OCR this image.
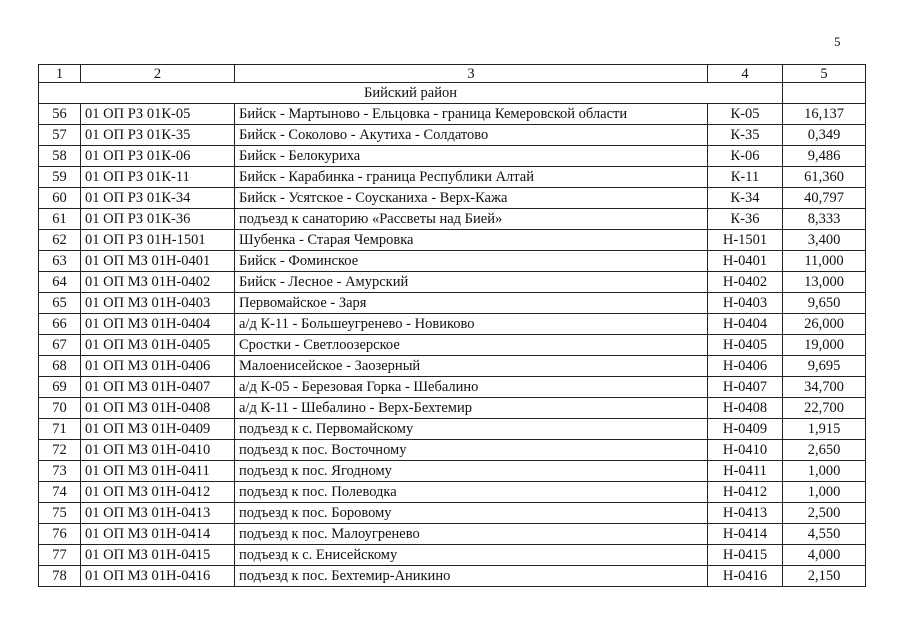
5
1	2	3	4	5
Бийский район				
56	01 ОП РЗ 01К-05	Бийск - Мартыново - Ельцовка - граница Кемеровской области	К-05	16,137
57	01 ОП РЗ 01К-35	Бийск - Соколово - Акутиха - Солдатово	К-35	0,349
58	01 ОП РЗ 01К-06	Бийск - Белокуриха	К-06	9,486
59	01 ОП РЗ 01К-11	Бийск - Карабинка - граница Республики Алтай	К-11	61,360
60	01 ОП РЗ 01К-34	Бийск - Усятское - Соусканиха - Верх-Кажа	К-34	40,797
61	01 ОП РЗ 01К-36	подъезд к санаторию «Рассветы над Бией»	К-36	8,333
62	01 ОП РЗ 01Н-1501	Шубенка - Старая Чемровка	Н-1501	3,400
63	01 ОП МЗ 01Н-0401	Бийск - Фоминское	Н-0401	11,000
64	01 ОП МЗ 01Н-0402	Бийск - Лесное - Амурский	Н-0402	13,000
65	01 ОП МЗ 01Н-0403	Первомайское - Заря	Н-0403	9,650
66	01 ОП МЗ 01Н-0404	а/д К-11 - Большеугренево - Новиково	Н-0404	26,000
67	01 ОП МЗ 01Н-0405	Сростки - Светлоозерское	Н-0405	19,000
68	01 ОП МЗ 01Н-0406	Малоенисейское - Заозерный	Н-0406	9,695
69	01 ОП МЗ 01Н-0407	а/д К-05 - Березовая Горка - Шебалино	Н-0407	34,700
70	01 ОП МЗ 01Н-0408	а/д К-11 - Шебалино - Верх-Бехтемир	Н-0408	22,700
71	01 ОП МЗ 01Н-0409	подъезд к с. Первомайскому	Н-0409	1,915
72	01 ОП МЗ 01Н-0410	подъезд к пос. Восточному	Н-0410	2,650
73	01 ОП МЗ 01Н-0411	подъезд к пос. Ягодному	Н-0411	1,000
74	01 ОП МЗ 01Н-0412	подъезд к пос. Полеводка	Н-0412	1,000
75	01 ОП МЗ 01Н-0413	подъезд к пос. Боровому	Н-0413	2,500
76	01 ОП МЗ 01Н-0414	подъезд к пос. Малоугренево	Н-0414	4,550
77	01 ОП МЗ 01Н-0415	подъезд к с. Енисейскому	Н-0415	4,000
78	01 ОП МЗ 01Н-0416	подъезд к пос. Бехтемир-Аникино	Н-0416	2,150
